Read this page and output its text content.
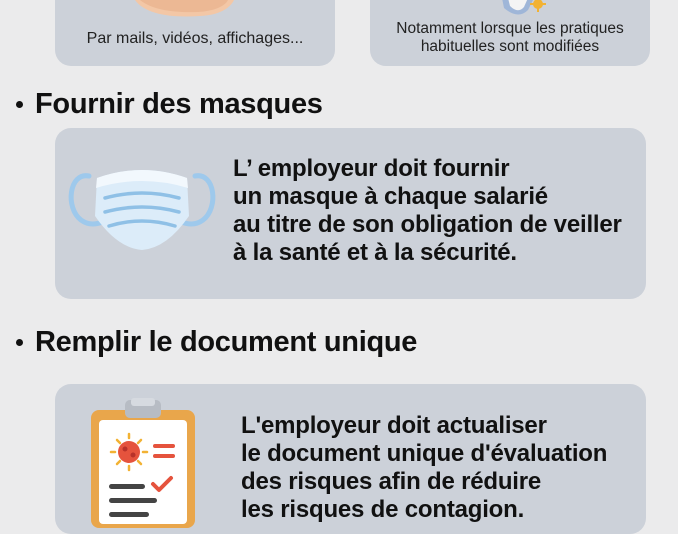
Par mails, vidéos, affichages...
Notamment lorsque les pratiques
habituelles sont modifiées
Fournir des masques
L’ employeur doit fournir
un masque à chaque salarié
au titre de son obligation de veiller
à la santé et à la sécurité.
Remplir le document unique
L'employeur doit actualiser
le document unique d'évaluation
des risques afin de réduire
les risques de contagion.
